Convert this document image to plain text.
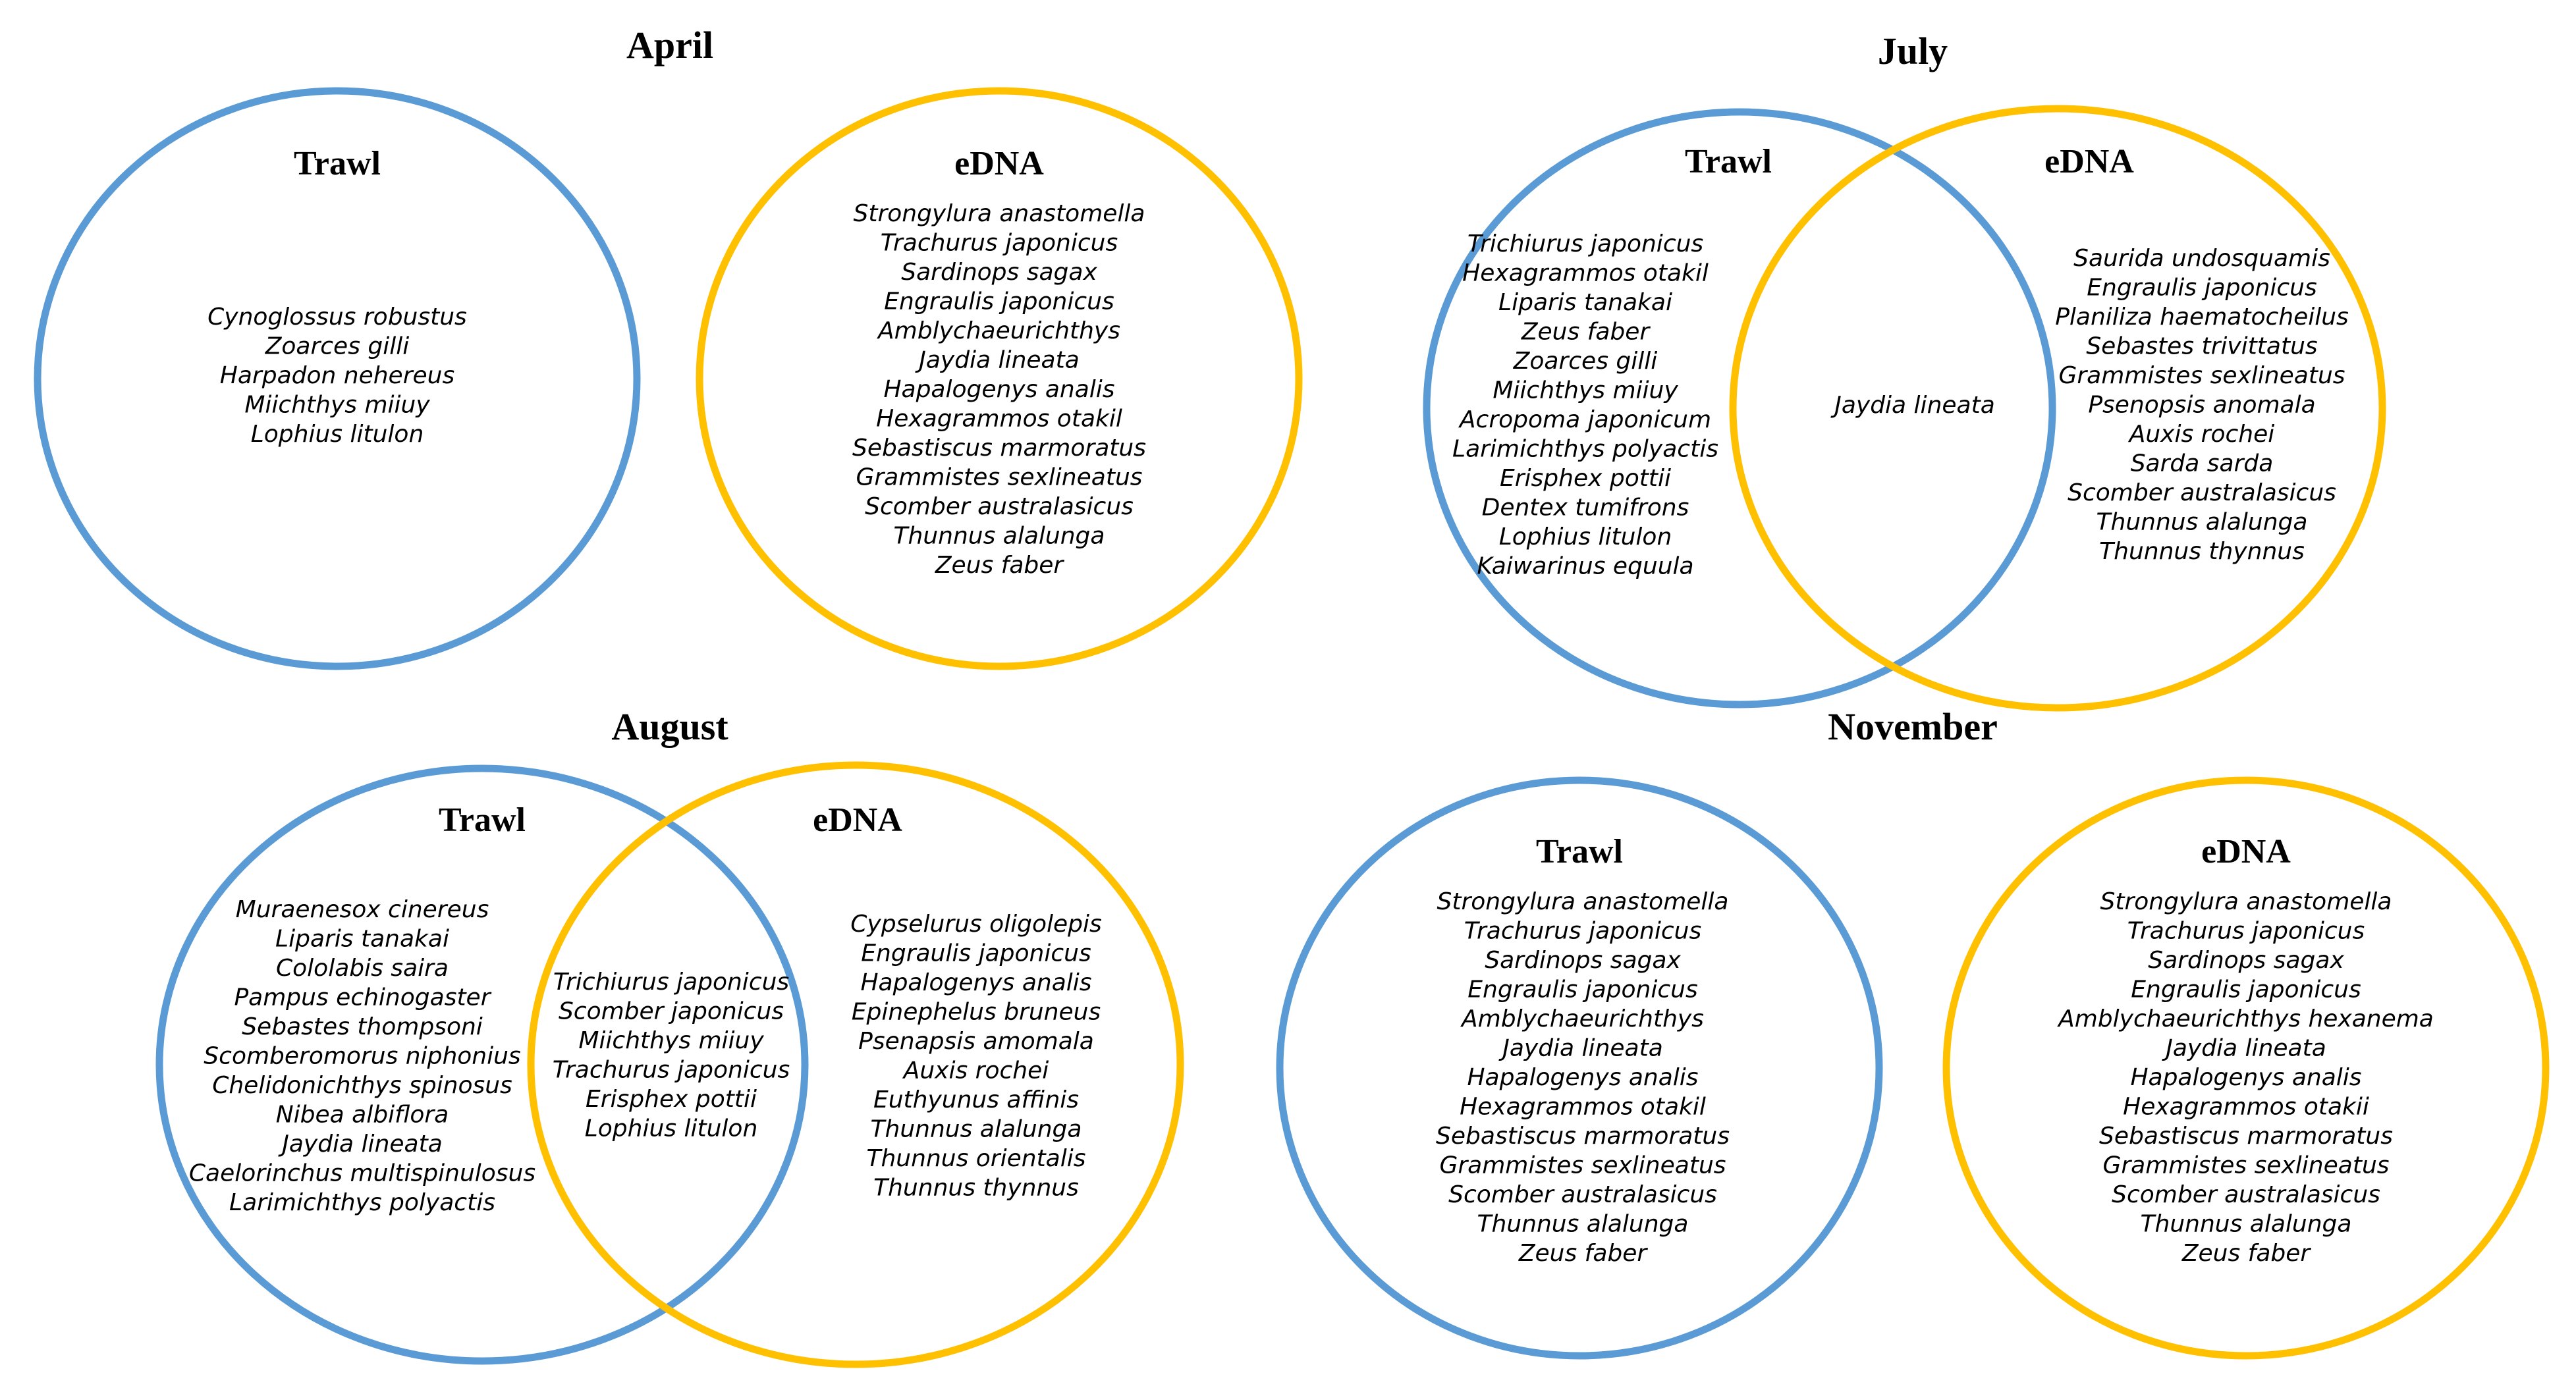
April
Trawl	eDNA
Cynoglossus robustus
Zoarces gilli
Harpadon nehereus
Miichthys miiuy
Lophius litulon
Strongylura anastomella
Trachurus japonicus
Sardinops sagax
Engraulis japonicus
Amblychaeurichthys
Jaydia lineata
Hapalogenys analis
Hexagrammos otakil
Sebastiscus marmoratus
Grammistes sexlineatus
Scomber australasicus
Thunnus alalunga
Zeus faber
July
Trawl	eDNA
Trichiurus japonicus
Hexagrammos otakil
Liparis tanakai
Zeus faber
Zoarces gilli
Miichthys miiuy
Acropoma japonicum
Larimichthys polyactis
Erisphex pottii
Dentex tumifrons
Lophius litulon
Kaiwarinus equula
Saurida undosquamis
Engraulis japonicus
Planiliza haematocheilus
Sebastes trivittatus
Grammistes sexlineatus
Psenopsis anomala
Auxis rochei
Sarda sarda
Scomber australasicus
Thunnus alalunga
Thunnus thynnus
Jaydia lineata
August
Trawl	eDNA
Muraenesox cinereus
Liparis tanakai
Cololabis saira
Pampus echinogaster
Sebastes thompsoni
Scomberomorus niphonius
Chelidonichthys spinosus
Nibea albiflora
Jaydia lineata
Caelorinchus multispinulosus
Larimichthys polyactis
Cypselurus oligolepis
Engraulis japonicus
Hapalogenys analis
Epinephelus bruneus
Psenapsis amomala
Auxis rochei
Euthyunus affinis
Thunnus alalunga
Thunnus orientalis
Thunnus thynnus
Trichiurus japonicus
Scomber japonicus
Miichthys miiuy
Trachurus japonicus
Erisphex pottii
Lophius litulon
November
Trawl	eDNA
Strongylura anastomella
Trachurus japonicus
Sardinops sagax
Engraulis japonicus
Amblychaeurichthys
Jaydia lineata
Hapalogenys analis
Hexagrammos otakil
Sebastiscus marmoratus
Grammistes sexlineatus
Scomber australasicus
Thunnus alalunga
Zeus faber
Strongylura anastomella
Trachurus japonicus
Sardinops sagax
Engraulis japonicus
Amblychaeurichthys hexanema
Jaydia lineata
Hapalogenys analis
Hexagrammos otakii
Sebastiscus marmoratus
Grammistes sexlineatus
Scomber australasicus
Thunnus alalunga
Zeus faber
